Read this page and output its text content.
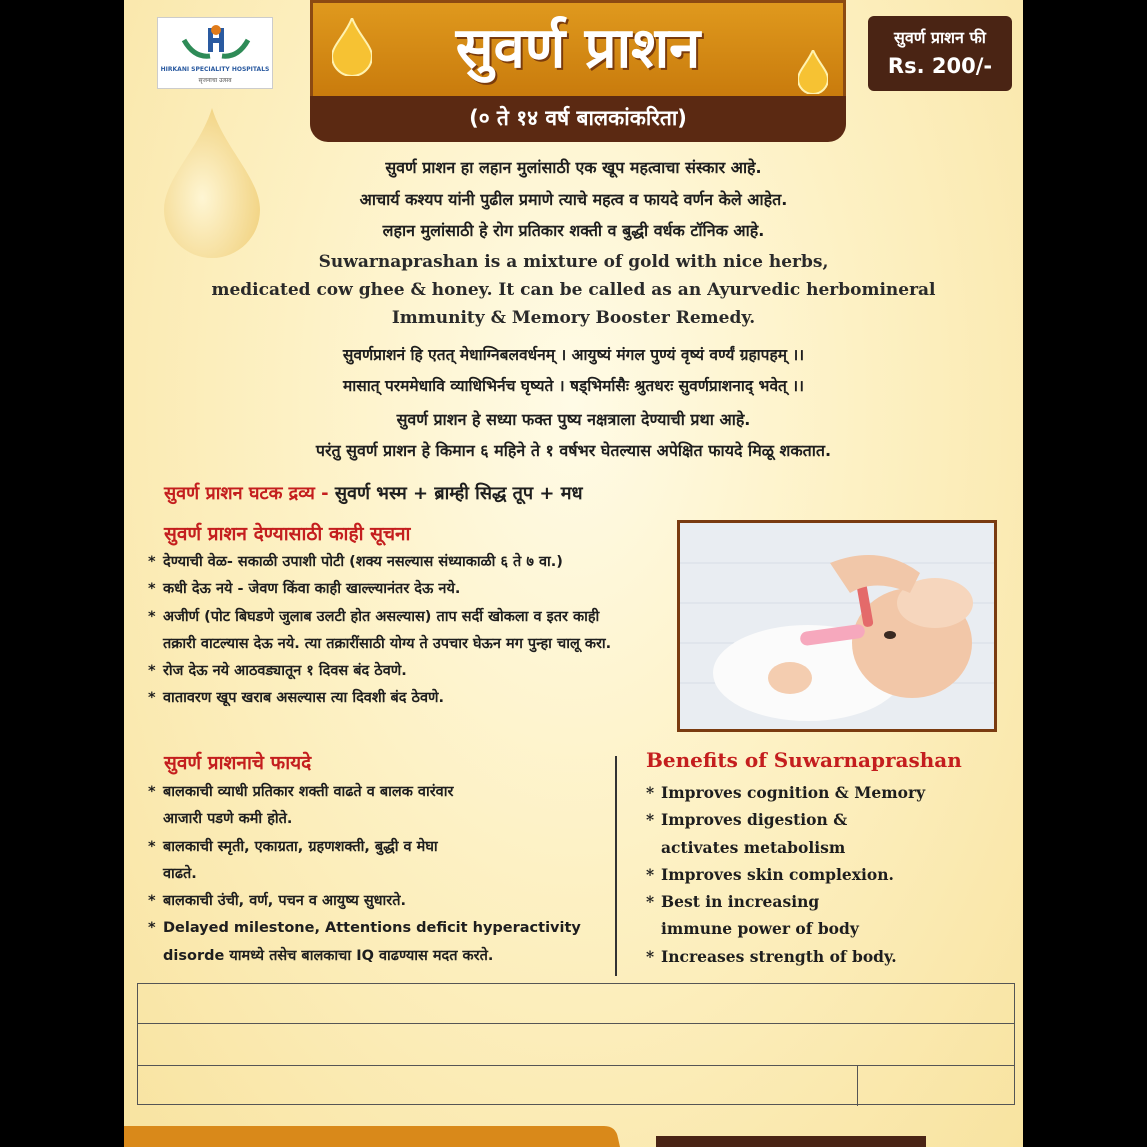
HIRKANI SPECIALITY HOSPITALS
सृजनाचा उत्सव	सुवर्ण प्राशन
(० ते १४ वर्ष बालकांकरिता)
सुवर्ण प्राशन फी
Rs. 200/-
सुवर्ण प्राशन हा लहान मुलांसाठी एक खूप महत्वाचा संस्कार आहे.
आचार्य कश्यप यांनी पुढील प्रमाणे त्याचे महत्व व फायदे वर्णन केले आहेत.
लहान मुलांसाठी हे रोग प्रतिकार शक्ती व बुद्धी वर्धक टॉनिक आहे.
Suwarnaprashan is a mixture of gold with nice herbs,
medicated cow ghee & honey. It can be called as an Ayurvedic herbomineral
Immunity & Memory Booster Remedy.
सुवर्णप्राशनं हि एतत् मेधाग्निबलवर्धनम् । आयुष्यं मंगल पुण्यं वृष्यं वर्ण्यं ग्रहापहम् ।।
मासात् परममेधावि व्याधिभिर्नच घृष्यते । षड्भिर्मासैः श्रुतधरः सुवर्णप्राशनाद् भवेत् ।।
सुवर्ण प्राशन हे सध्या फक्त पुष्य नक्षत्राला देण्याची प्रथा आहे.
परंतु सुवर्ण प्राशन हे किमान ६ महिने ते १ वर्षभर घेतल्यास अपेक्षित फायदे मिळू शकतात.
सुवर्ण प्राशन घटक द्रव्य - सुवर्ण भस्म + ब्राम्ही सिद्ध तूप + मध
सुवर्ण प्राशन देण्यासाठी काही सूचना
* देण्याची वेळ- सकाळी उपाशी पोटी (शक्य नसल्यास संध्याकाळी ६ ते ७ वा.)
* कधी देऊ नये - जेवण किंवा काही खाल्ल्यानंतर देऊ नये.
* अजीर्ण (पोट बिघडणे जुलाब उलटी होत असल्यास) ताप सर्दी खोकला व इतर काही तक्रारी वाटल्यास देऊ नये. त्या तक्रारींसाठी योग्य ते उपचार घेऊन मग पुन्हा चालू करा.
* रोज देऊ नये आठवड्यातून १ दिवस बंद ठेवणे.
* वातावरण खूप खराब असल्यास त्या दिवशी बंद ठेवणे.
सुवर्ण प्राशनाचे फायदे
* बालकाची व्याधी प्रतिकार शक्ती वाढते व बालक वारंवार आजारी पडणे कमी होते.
* बालकाची स्मृती, एकाग्रता, ग्रहणशक्ती, बुद्धी व मेघा वाढते.
* बालकाची उंची, वर्ण, पचन व आयुष्य सुधारते.
* Delayed milestone, Attentions deficit hyperactivity disorde यामध्ये तसेच बालकाचा IQ वाढण्यास मदत करते.
Benefits of Suwarnaprashan
* Improves cognition & Memory
* Improves digestion & activates metabolism
* Improves skin complexion.
* Best in increasing immune power of body
* Increases strength of body.
